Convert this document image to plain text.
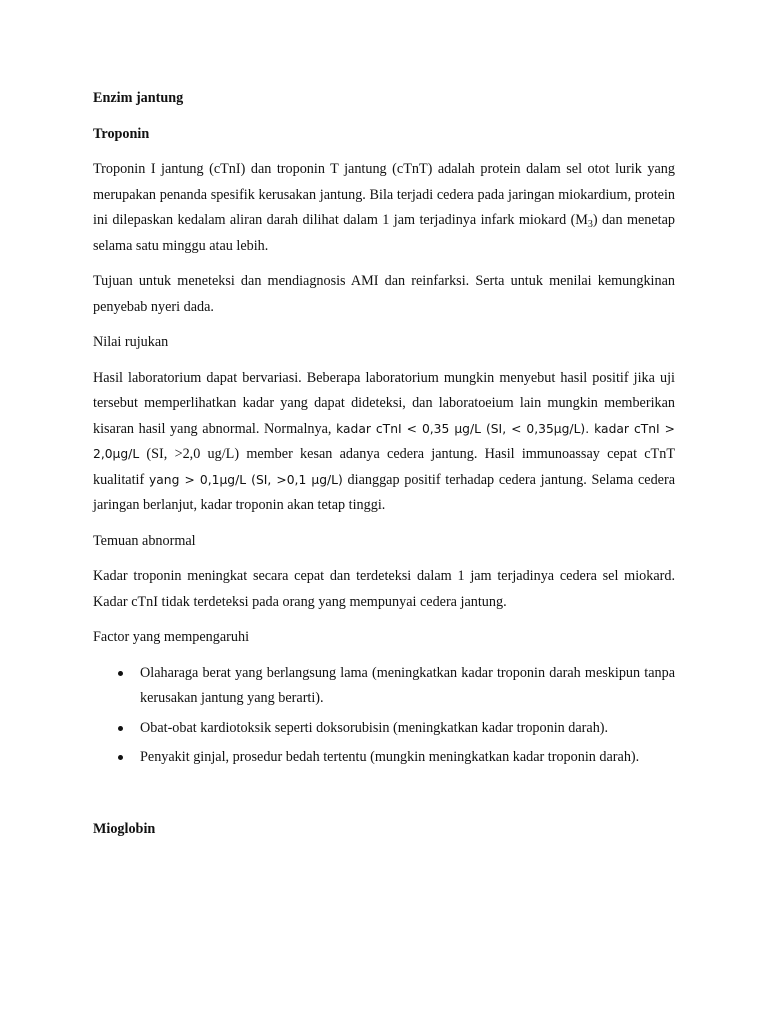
Enzim jantung

Troponin

Troponin I jantung (cTnI) dan troponin T jantung (cTnT) adalah protein dalam sel otot lurik yang merupakan penanda spesifik kerusakan jantung. Bila terjadi cedera pada jaringan miokardium, protein ini dilepaskan kedalam aliran darah dilihat dalam 1 jam terjadinya infark miokard $(M_3)$ dan menetap selama satu minggu atau lebih.

Tujuan untuk meneteksi dan mendiagnosis AMI dan reinfarksi. Serta untuk menilai kemungkinan penyebab nyeri dada.

Nilai rujukan

Hasil laboratorium dapat bervariasi. Beberapa laboratorium mungkin menyebut hasil positif jika uji tersebut memperlihatkan kadar yang dapat dideteksi, dan laboratoeium lain mungkin memberikan kisaran hasil yang abnormal. Normalnya, kadar cTnI < 0,35 µg/L (SI, < 0,35µg/L). kadar cTnI > 2,0µg/L (SI, >2,0 ug/L) member kesan adanya cedera jantung. Hasil immunoassay cepat cTnT kualitatif yang > 0,1µg/L (SI, >0,1 µg/L) dianggap positif terhadap cedera jantung. Selama cedera jaringan berlanjut, kadar troponin akan tetap tinggi.

Temuan abnormal

Kadar troponin meningkat secara cepat dan terdeteksi dalam 1 jam terjadinya cedera sel miokard. Kadar cTnI tidak terdeteksi pada orang yang mempunyai cedera jantung.

Factor yang mempengaruhi

Olaharaga berat yang berlangsung lama (meningkatkan kadar troponin darah meskipun tanpa kerusakan jantung yang berarti).
Obat-obat kardiotoksik seperti doksorubisin (meningkatkan kadar troponin darah).
Penyakit ginjal, prosedur bedah tertentu (mungkin meningkatkan kadar troponin darah).

Mioglobin
